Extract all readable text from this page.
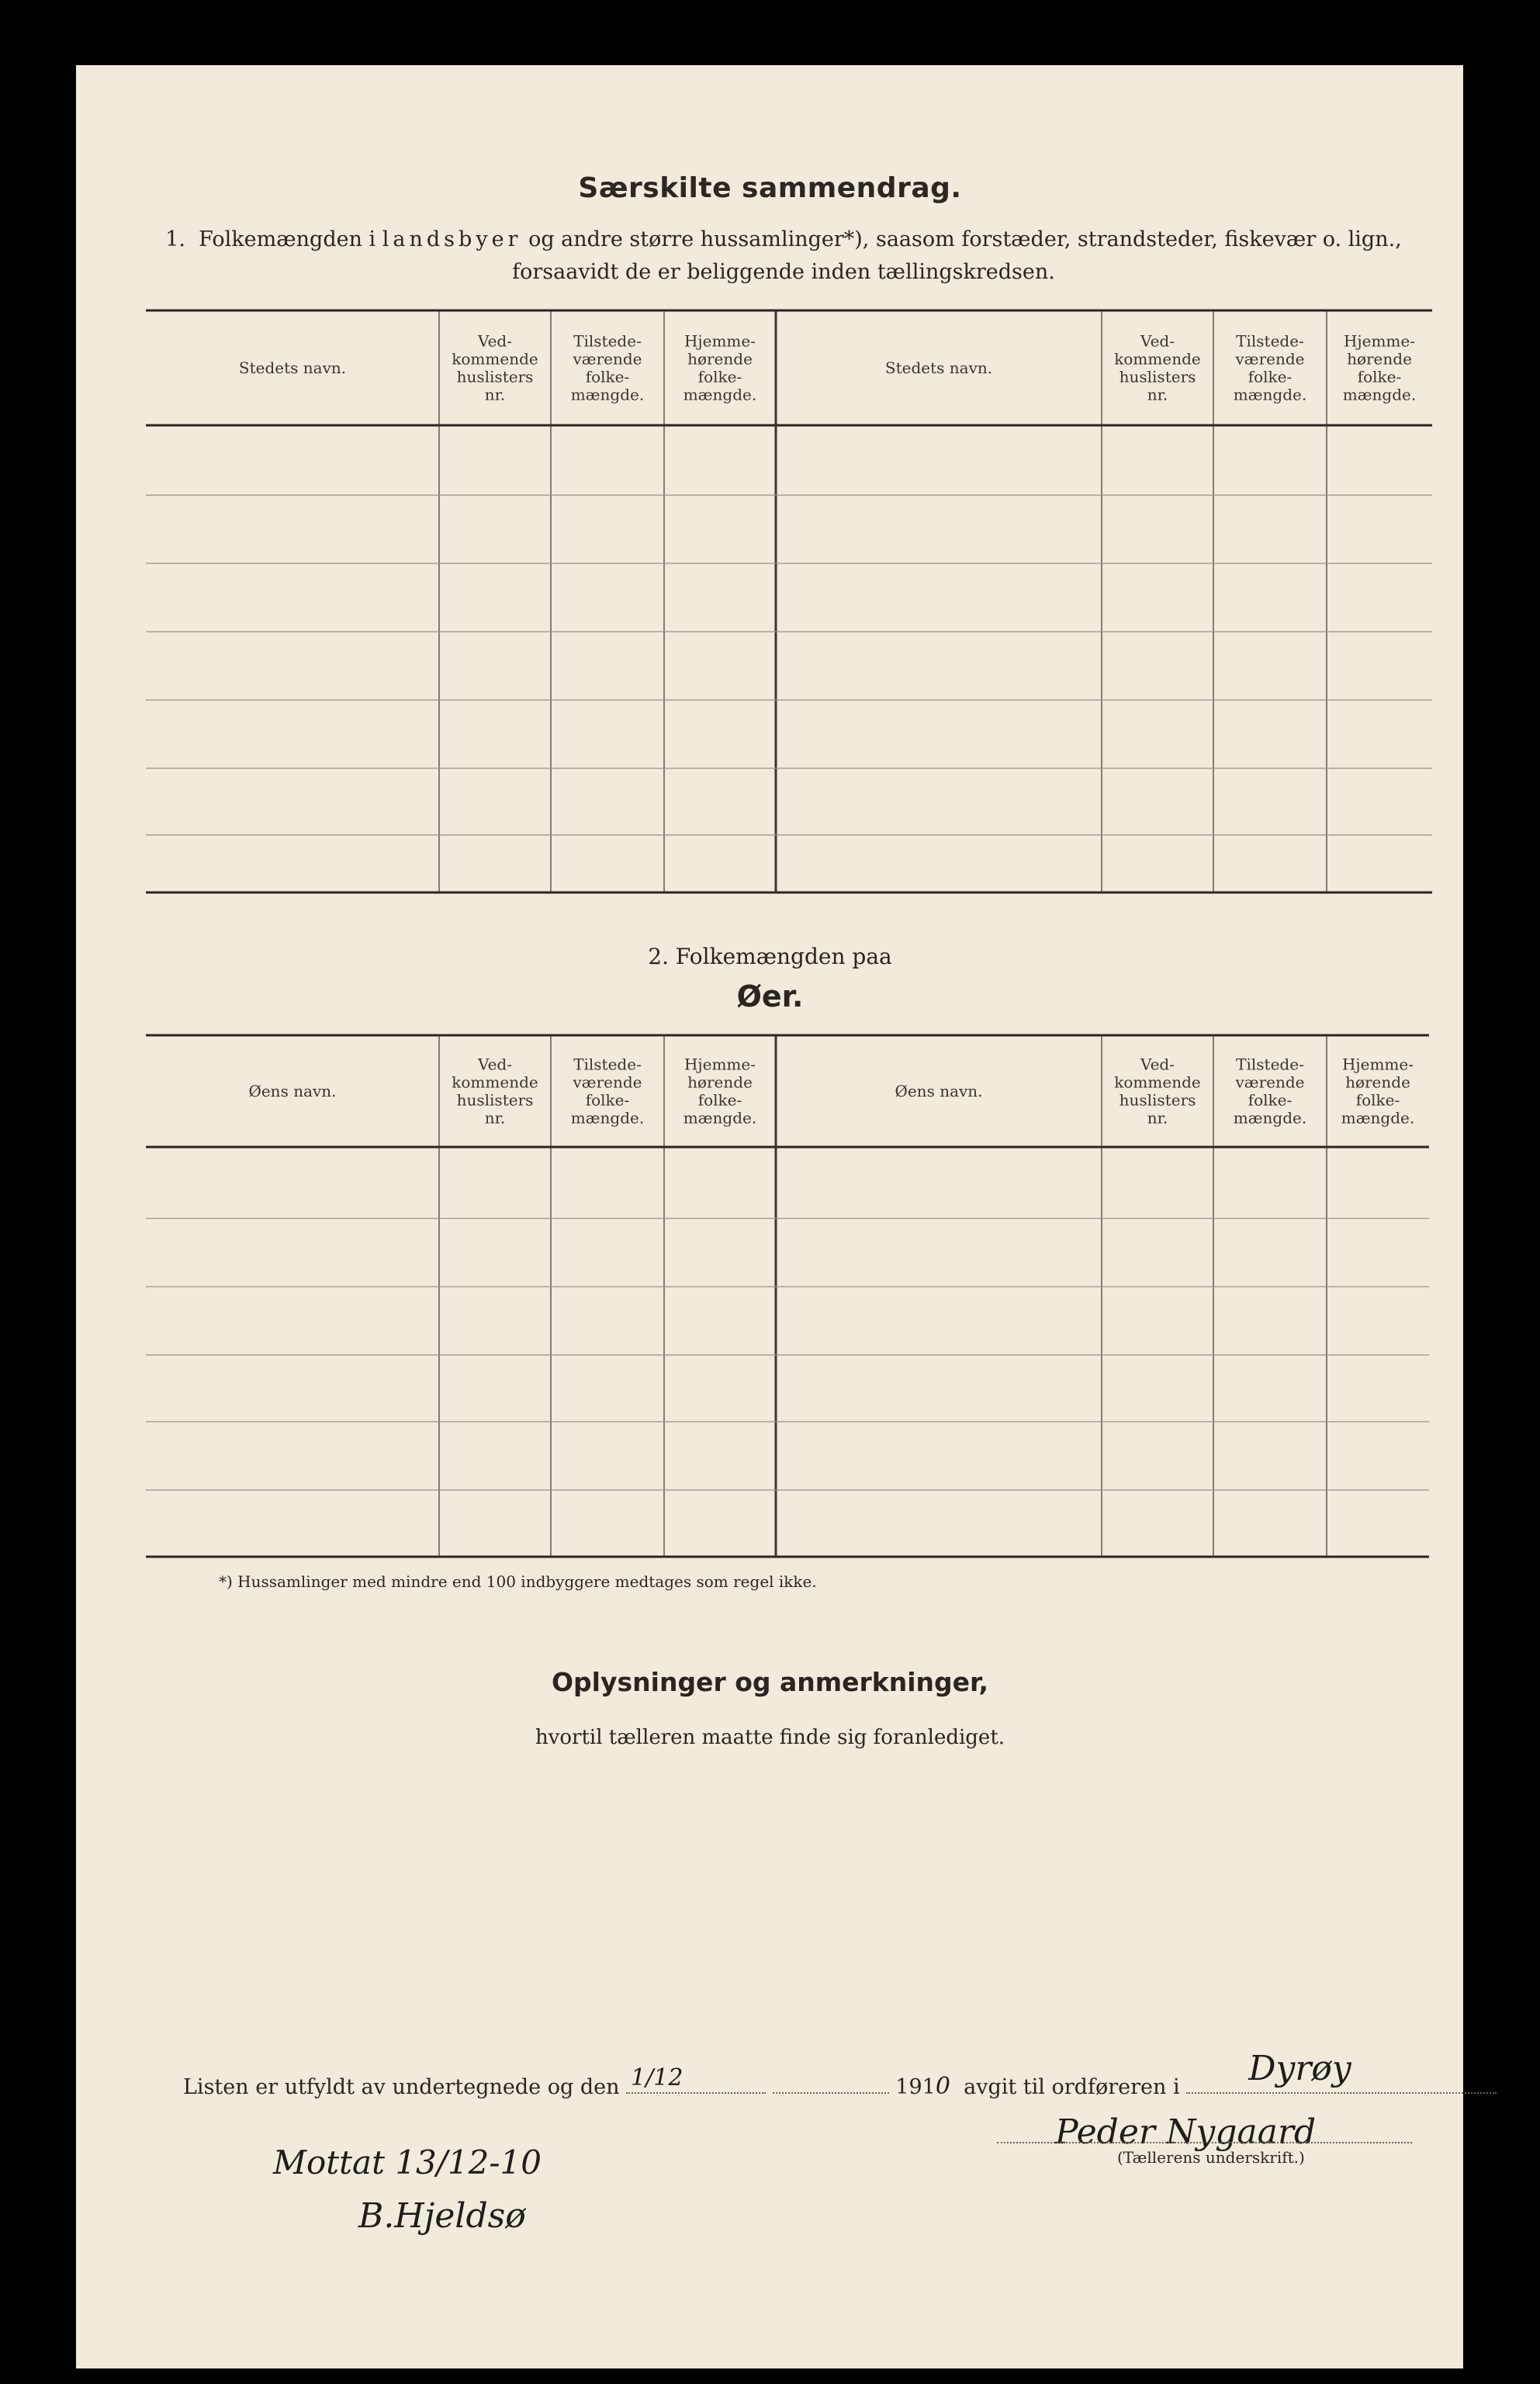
Særskilte sammendrag.
1. Folkemængden i landsbyer og andre større hussamlinger*), saasom forstæder, strandsteder, fiskevær o. lign.,
forsaavidt de er beliggende inden tællingskredsen.
Stedets navn.
Ved-kommende huslisters nr.
Tilstede-værende folke-mængde.
Hjemme-hørende folke-mængde.
Stedets navn.
Ved-kommende huslisters nr.
Tilstede-værende folke-mængde.
Hjemme-hørende folke-mængde.
Øens navn.
Ved-kommende huslisters nr.
Tilstede-værende folke-mængde.
Hjemme-hørende folke-mængde.
Øens navn.
Ved-kommende huslisters nr.
Tilstede-værende folke-mængde.
Hjemme-hørende folke-mængde.
2. Folkemængden paa
Øer.
*) Hussamlinger med mindre end 100 indbyggere medtages som regel ikke.
Oplysninger og anmerkninger,
hvortil tælleren maatte finde sig foranlediget.
Listen er utfyldt av undertegnede og den 1/12	1910 avgit til ordføreren i Dyrøy
Peder Nygaard
(Tællerens underskrift.)
Mottat 13/12-10
B.Hjeldsø
